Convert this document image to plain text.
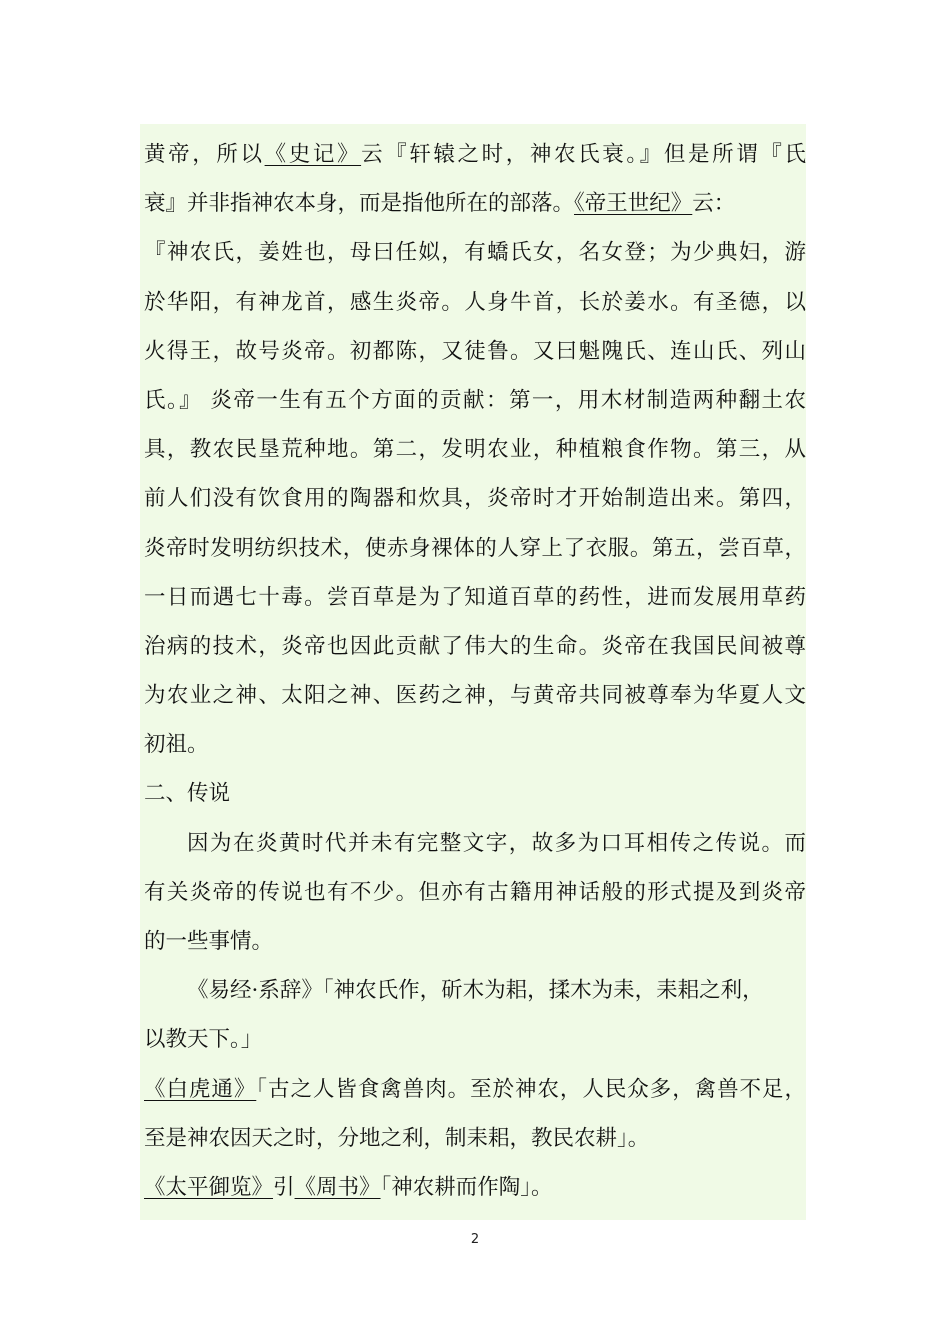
黄帝，所以《史记》云『轩辕之时，神农氏衰。』但是所谓『氏
衰』并非指神农本身，而是指他所在的部落。《帝王世纪》云：
『神农氏，姜姓也，母曰任姒，有蟜氏女，名女登；为少典妇，游
於华阳，有神龙首，感生炎帝。人身牛首，长於姜水。有圣德，以
火得王，故号炎帝。初都陈，又徒鲁。又曰魁隗氏、连山氏、列山
氏。』 炎帝一生有五个方面的贡献：第一，用木材制造两种翻土农
具，教农民垦荒种地。第二，发明农业，种植粮食作物。第三，从
前人们没有饮食用的陶器和炊具，炎帝时才开始制造出来。第四，
炎帝时发明纺织技术，使赤身裸体的人穿上了衣服。第五，尝百草，
一日而遇七十毒。尝百草是为了知道百草的药性，进而发展用草药
治病的技术，炎帝也因此贡献了伟大的生命。炎帝在我国民间被尊
为农业之神、太阳之神、医药之神，与黄帝共同被尊奉为华夏人文
初祖。
二、传说
因为在炎黄时代并未有完整文字，故多为口耳相传之传说。而
有关炎帝的传说也有不少。但亦有古籍用神话般的形式提及到炎帝
的一些事情。
《易经·系辞》「神农氏作，斫木为耜，揉木为耒，耒耜之利，
以教天下。」
《白虎通》「古之人皆食禽兽肉。至於神农，人民众多，禽兽不足，
至是神农因天之时，分地之利，制耒耜，教民农耕」。
《太平御览》引《周书》「神农耕而作陶」。
2
